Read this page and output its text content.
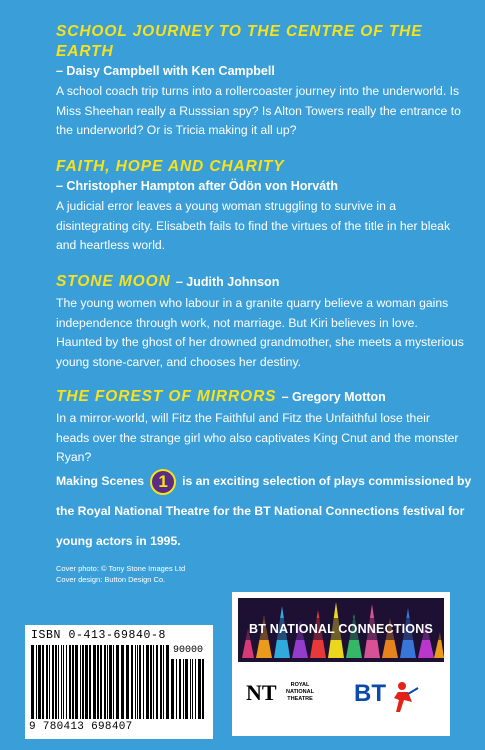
SCHOOL JOURNEY TO THE CENTRE OF THE EARTH
– Daisy Campbell with Ken Campbell
A school coach trip turns into a rollercoaster journey into the underworld. Is Miss Sheehan really a Russsian spy? Is Alton Towers really the entrance to the underworld? Or is Tricia making it all up?
FAITH, HOPE AND CHARITY
– Christopher Hampton after Ödön von Horváth
A judicial error leaves a young woman struggling to survive in a disintegrating city. Elisabeth fails to find the virtues of the title in her bleak and heartless world.
STONE MOON – Judith Johnson
The young women who labour in a granite quarry believe a woman gains independence through work, not marriage. But Kiri believes in love. Haunted by the ghost of her drowned grandmother, she meets a mysterious young stone-carver, and chooses her destiny.
THE FOREST OF MIRRORS – Gregory Motton
In a mirror-world, will Fitz the Faithful and Fitz the Unfaithful lose their heads over the strange girl who also captivates King Cnut and the monster Ryan?
Making Scenes 1 is an exciting selection of plays commissioned by the Royal National Theatre for the BT National Connections festival for young actors in 1995.
Cover photo: © Tony Stone Images Ltd
Cover design: Button Design Co.
ISBN 0-413-69840-8
90000
9 780413 698407
BT NATIONAL CONNECTIONS
NT	ROYAL NATIONAL THEATRE	BT
